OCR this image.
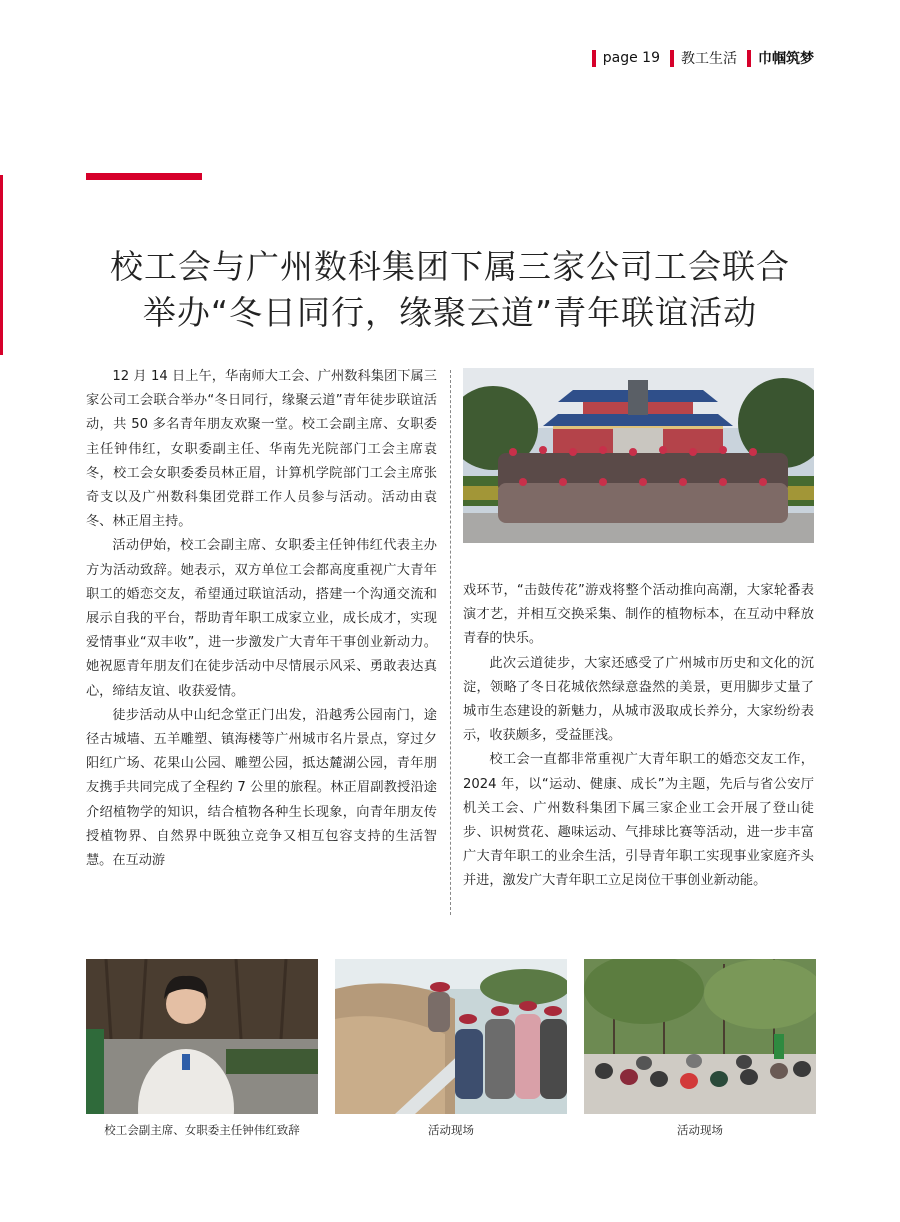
page 19 教工生活 巾帼筑梦
校工会与广州数科集团下属三家公司工会联合
举办“冬日同行，缘聚云道”青年联谊活动

12 月 14 日上午，华南师大工会、广州数科集团下属三家公司工会联合举办“冬日同行，缘聚云道”青年徒步联谊活动，共 50 多名青年朋友欢聚一堂。校工会副主席、女职委主任钟伟红，女职委副主任、华南先光院部门工会主席袁冬，校工会女职委委员林正眉，计算机学院部门工会主席张奇支以及广州数科集团党群工作人员参与活动。活动由袁冬、林正眉主持。

活动伊始，校工会副主席、女职委主任钟伟红代表主办方为活动致辞。她表示，双方单位工会都高度重视广大青年职工的婚恋交友，希望通过联谊活动，搭建一个沟通交流和展示自我的平台，帮助青年职工成家立业，成长成才，实现爱情事业“双丰收”，进一步激发广大青年干事创业新动力。她祝愿青年朋友们在徒步活动中尽情展示风采、勇敢表达真心，缔结友谊、收获爱情。

徒步活动从中山纪念堂正门出发，沿越秀公园南门，途径古城墙、五羊雕塑、镇海楼等广州城市名片景点，穿过夕阳红广场、花果山公园、雕塑公园，抵达麓湖公园，青年朋友携手共同完成了全程约 7 公里的旅程。林正眉副教授沿途介绍植物学的知识，结合植物各种生长现象，向青年朋友传授植物界、自然界中既独立竞争又相互包容支持的生活智慧。在互动游

戏环节，“击鼓传花”游戏将整个活动推向高潮，大家轮番表演才艺，并相互交换采集、制作的植物标本，在互动中释放青春的快乐。

此次云道徒步，大家还感受了广州城市历史和文化的沉淀，领略了冬日花城依然绿意盎然的美景，更用脚步丈量了城市生态建设的新魅力，从城市汲取成长养分，大家纷纷表示，收获颇多，受益匪浅。

校工会一直都非常重视广大青年职工的婚恋交友工作，2024 年，以“运动、健康、成长”为主题，先后与省公安厅机关工会、广州数科集团下属三家企业工会开展了登山徒步、识树赏花、趣味运动、气排球比赛等活动，进一步丰富广大青年职工的业余生活，引导青年职工实现事业家庭齐头并进，激发广大青年职工立足岗位干事创业新动能。

校工会副主席、女职委主任钟伟红致辞	活动现场	活动现场
